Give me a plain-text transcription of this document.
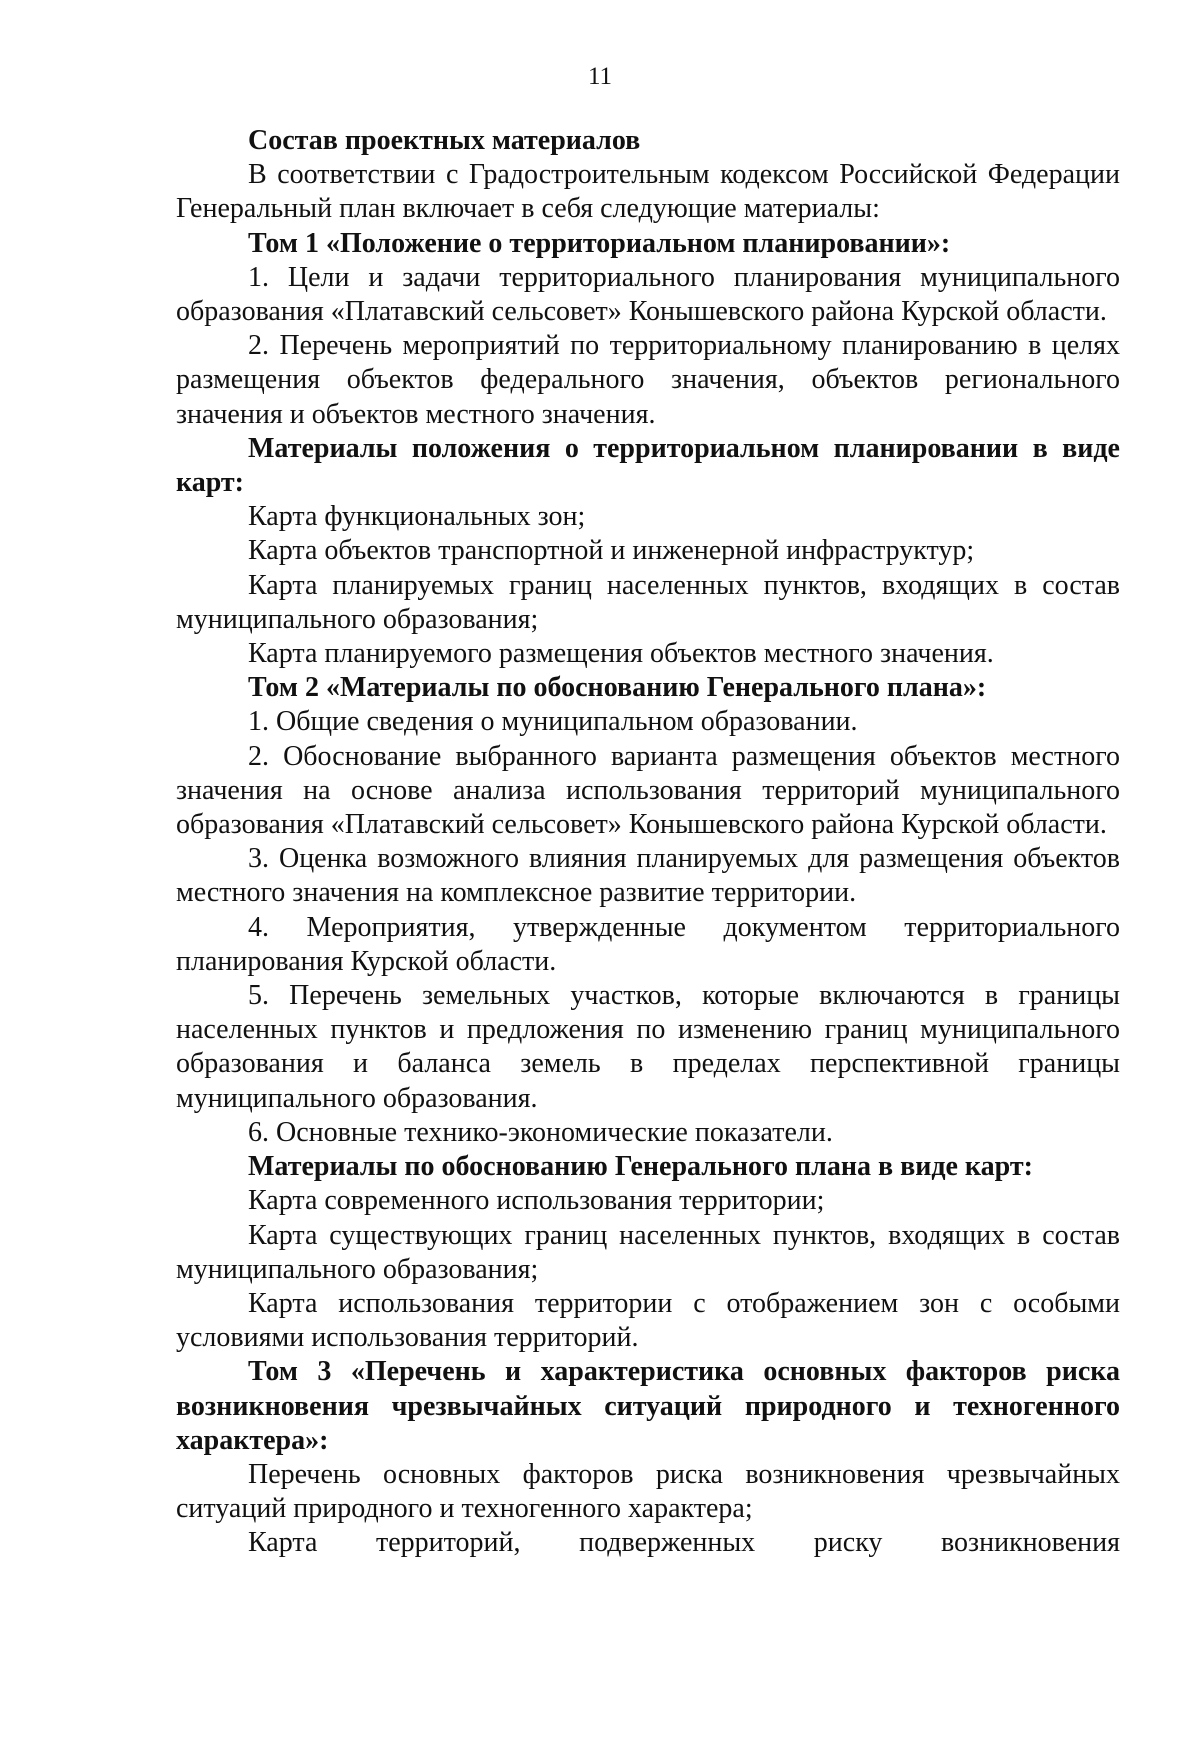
11

Состав проектных материалов

В соответствии с Градостроительным кодексом Российской Федерации Генеральный план включает в себя следующие материалы:

Том 1 «Положение о территориальном планировании»:

1. Цели и задачи территориального планирования муниципального образования «Платавский сельсовет» Конышевского района Курской области.

2. Перечень мероприятий по территориальному планированию в целях размещения объектов федерального значения, объектов регионального значения и объектов местного значения.

Материалы положения о территориальном планировании в виде карт:

Карта функциональных зон;

Карта объектов транспортной и инженерной инфраструктур;

Карта планируемых границ населенных пунктов, входящих в состав муниципального образования;

Карта планируемого размещения объектов местного значения.

Том 2 «Материалы по обоснованию Генерального плана»:

1. Общие сведения о муниципальном образовании.

2. Обоснование выбранного варианта размещения объектов местного значения на основе анализа использования территорий муниципального образования «Платавский сельсовет» Конышевского района Курской области.

3. Оценка возможного влияния планируемых для размещения объектов местного значения на комплексное развитие территории.

4. Мероприятия, утвержденные документом территориального планирования Курской области.

5. Перечень земельных участков, которые включаются в границы населенных пунктов и предложения по изменению границ муниципального образования и баланса земель в пределах перспективной границы муниципального образования.

6. Основные технико-экономические показатели.

Материалы по обоснованию Генерального плана в виде карт:

Карта современного использования территории;

Карта существующих границ населенных пунктов, входящих в состав муниципального образования;

Карта использования территории с отображением зон с особыми условиями использования территорий.

Том 3 «Перечень и характеристика основных факторов риска возникновения чрезвычайных ситуаций природного и техногенного характера»:

Перечень основных факторов риска возникновения чрезвычайных ситуаций природного и техногенного характера;

Карта территорий, подверженных риску возникновения
